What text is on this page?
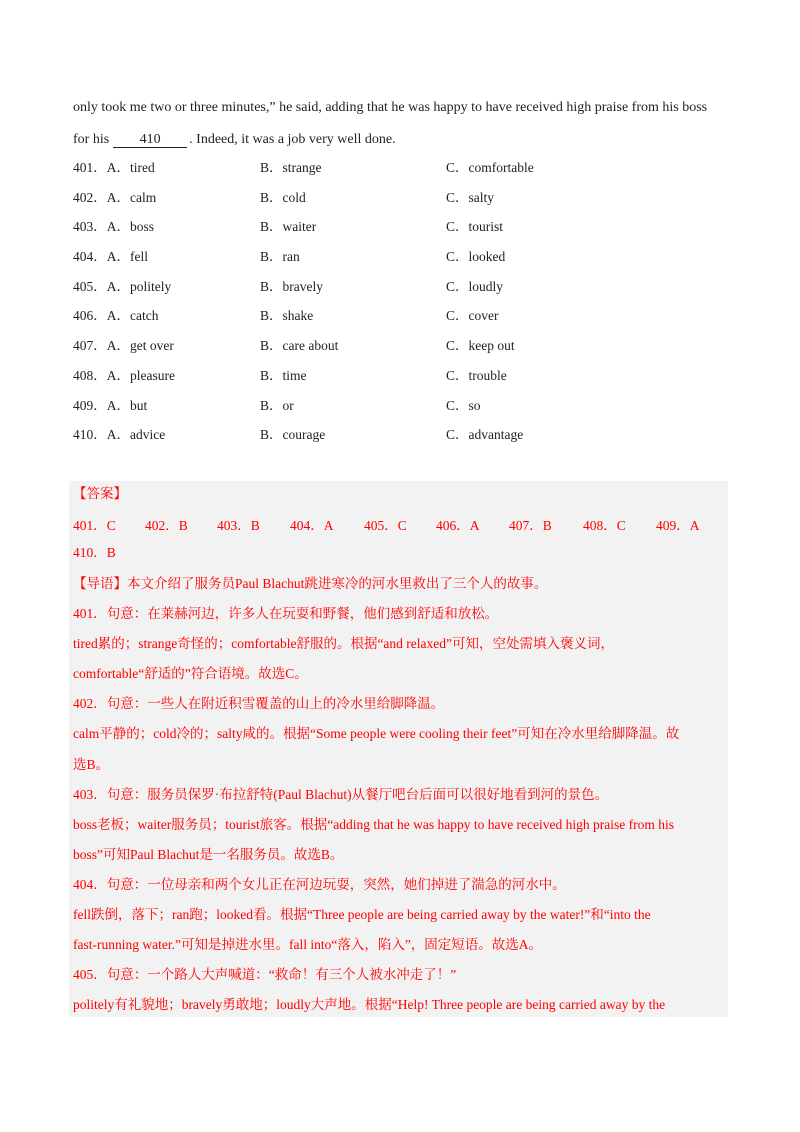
only took me two or three minutes,” he said, adding that he was happy to have received high praise from his boss
for his 410 . Indeed, it was a job very well done.
401．A．tired	B．strange	C．comfortable
402．A．calm	B．cold	C．salty
403．A．boss	B．waiter	C．tourist
404．A．fell	B．ran	C．looked
405．A．politely	B．bravely	C．loudly
406．A．catch	B．shake	C．cover
407．A．get over	B．care about	C．keep out
408．A．pleasure	B．time	C．trouble
409．A．but	B．or	C．so
410．A．advice	B．courage	C．advantage
【答案】
401．C 402．B 403．B 404．A 405．C 406．A 407．B 408．C 409．A
410．B
【导语】本文介绍了服务员Paul Blachut跳进寒冷的河水里救出了三个人的故事。
401．句意：在莱赫河边，许多人在玩耍和野餐，他们感到舒适和放松。
tired累的；strange奇怪的；comfortable舒服的。根据“and relaxed”可知，空处需填入褒义词，
comfortable“舒适的”符合语境。故选C。
402．句意：一些人在附近积雪覆盖的山上的冷水里给脚降温。
calm平静的；cold冷的；salty咸的。根据“Some people were cooling their feet”可知在冷水里给脚降温。故
选B。
403．句意：服务员保罗·布拉舒特(Paul Blachut)从餐厅吧台后面可以很好地看到河的景色。
boss老板；waiter服务员；tourist旅客。根据“adding that he was happy to have received high praise from his
boss”可知Paul Blachut是一名服务员。故选B。
404．句意：一位母亲和两个女儿正在河边玩耍，突然，她们掉进了湍急的河水中。
fell跌倒，落下；ran跑；looked看。根据“Three people are being carried away by the water!”和“into the
fast-running water.”可知是掉进水里。fall into“落入，陷入”，固定短语。故选A。
405．句意：一个路人大声喊道：“救命！有三个人被水冲走了！”
politely有礼貌地；bravely勇敢地；loudly大声地。根据“Help! Three people are being carried away by the
